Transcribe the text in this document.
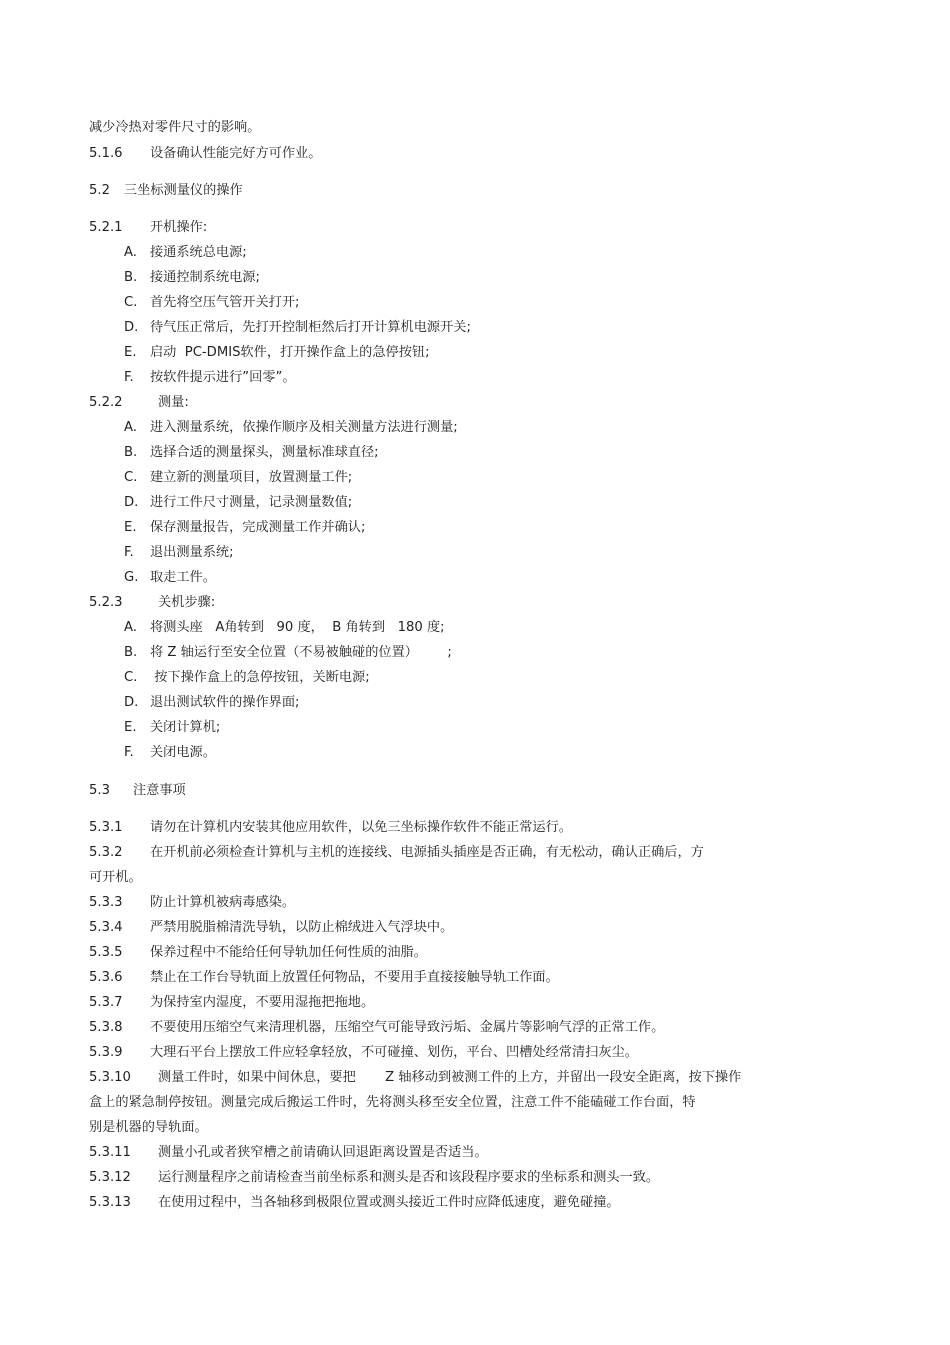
减少冷热对零件尺寸的影响。
5.1.6 设备确认性能完好方可作业。
5.2 三坐标测量仪的操作
5.2.1 开机操作:
A. 接通系统总电源;
B. 接通控制系统电源;
C. 首先将空压气管开关打开;
D. 待气压正常后，先打开控制柜然后打开计算机电源开关;
E. 启动  PC-DMIS软件，打开操作盒上的急停按钮;
F. 按软件提示进行”回零”。
5.2.2	测量:
A. 进入测量系统，依操作顺序及相关测量方法进行测量;
B. 选择合适的测量探头，测量标准球直径;
C. 建立新的测量项目，放置测量工件;
D. 进行工件尺寸测量，记录测量数值;
E. 保存测量报告，完成测量工作并确认;
F. 退出测量系统;
G. 取走工件。
5.2.3	关机步骤:
A. 将测头座   A角转到   90 度，  B 角转到   180 度;
B. 将 Z 轴运行至安全位置（不易被触碰的位置）       ;
C. 按下操作盒上的急停按钮，关断电源;
D. 退出测试软件的操作界面;
E. 关闭计算机;
F. 关闭电源。
5.3 注意事项
5.3.1 请勿在计算机内安装其他应用软件，以免三坐标操作软件不能正常运行。
5.3.2 在开机前必须检查计算机与主机的连接线、电源插头插座是否正确，有无松动，确认正确后，方
可开机。
5.3.3 防止计算机被病毒感染。
5.3.4 严禁用脱脂棉清洗导轨，以防止棉绒进入气浮块中。
5.3.5 保养过程中不能给任何导轨加任何性质的油脂。
5.3.6 禁止在工作台导轨面上放置任何物品，不要用手直接接触导轨工作面。
5.3.7 为保持室内湿度，不要用湿拖把拖地。
5.3.8 不要使用压缩空气来清理机器，压缩空气可能导致污垢、金属片等影响气浮的正常工作。
5.3.9 大理石平台上摆放工件应轻拿轻放，不可碰撞、划伤，平台、凹槽处经常清扫灰尘。
5.3.10 测量工件时，如果中间休息，要把       Z 轴移动到被测工件的上方，并留出一段安全距离，按下操作
盒上的紧急制停按钮。测量完成后搬运工件时，先将测头移至安全位置，注意工件不能磕碰工作台面，特
别是机器的导轨面。
5.3.11 测量小孔或者狭窄槽之前请确认回退距离设置是否适当。
5.3.12 运行测量程序之前请检查当前坐标系和测头是否和该段程序要求的坐标系和测头一致。
5.3.13 在使用过程中，当各轴移到极限位置或测头接近工件时应降低速度，避免碰撞。
